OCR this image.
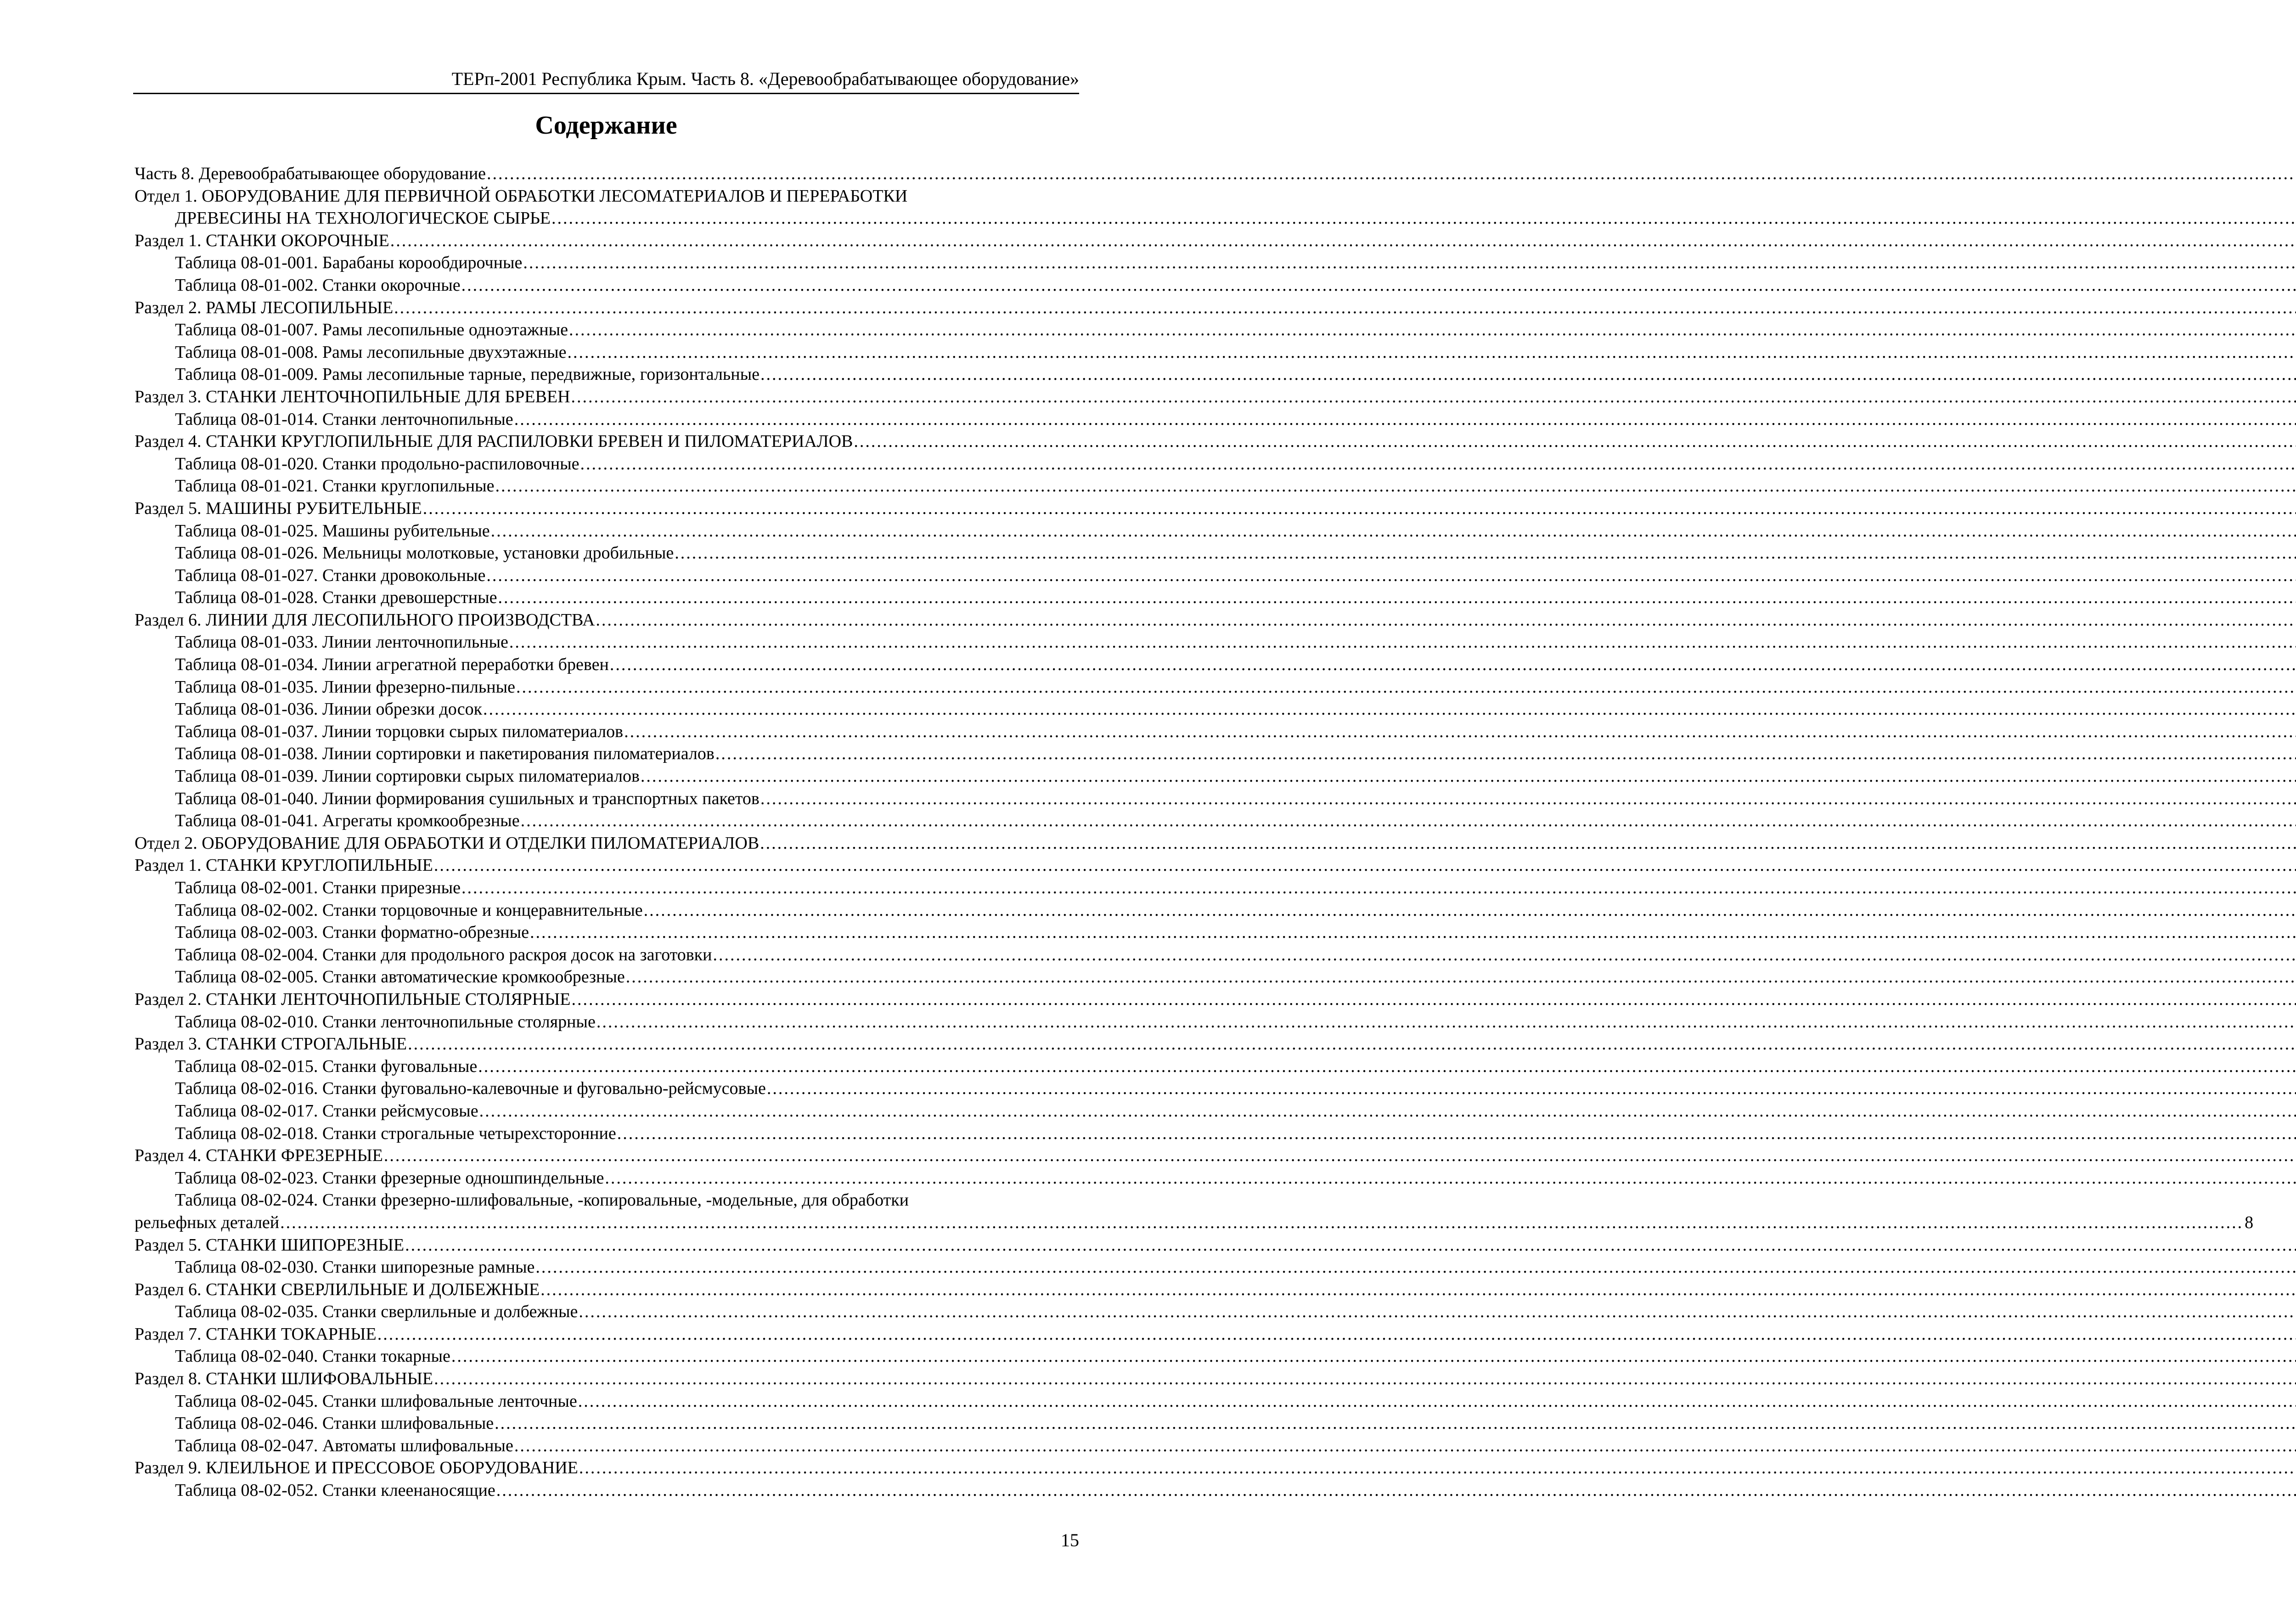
ТЕРп-2001 Республика Крым. Часть 8. «Деревообрабатывающее оборудование»
Содержание
Часть 8. Деревообрабатывающее оборудование
.....
Отдел 1. ОБОРУДОВАНИЕ ДЛЯ ПЕРВИЧНОЙ ОБРАБОТКИ ЛЕСОМАТЕРИАЛОВ И ПЕРЕРАБОТКИ
ДРЕВЕСИНЫ НА ТЕХНОЛОГИЧЕСКОЕ СЫРЬЕ
.....
Раздел 1. СТАНКИ ОКОРОЧНЫЕ
.....
Таблица 08-01-001. Барабаны корообдирочные
.....
Таблица 08-01-002. Станки окорочные
.....
Раздел 2. РАМЫ ЛЕСОПИЛЬНЫЕ
.....
Таблица 08-01-007. Рамы лесопильные одноэтажные
.....
Таблица 08-01-008. Рамы лесопильные двухэтажные
.....
Таблица 08-01-009. Рамы лесопильные тарные, передвижные, горизонтальные
.....
Раздел 3. СТАНКИ ЛЕНТОЧНОПИЛЬНЫЕ ДЛЯ БРЕВЕН
.....
Таблица 08-01-014. Станки ленточнопильные
.....
Раздел 4. СТАНКИ КРУГЛОПИЛЬНЫЕ ДЛЯ РАСПИЛОВКИ БРЕВЕН И ПИЛОМАТЕРИАЛОВ
.....
Таблица 08-01-020. Станки продольно-распиловочные
.....
Таблица 08-01-021. Станки круглопильные
.....
Раздел 5. МАШИНЫ РУБИТЕЛЬНЫЕ
.....
Таблица 08-01-025. Машины рубительные
.....
Таблица 08-01-026. Мельницы молотковые, установки дробильные
.....
Таблица 08-01-027. Станки дровокольные
.....
Таблица 08-01-028. Станки древошерстные
.....
Раздел 6. ЛИНИИ ДЛЯ ЛЕСОПИЛЬНОГО ПРОИЗВОДСТВА
.....
Таблица 08-01-033. Линии ленточнопильные
.....
Таблица 08-01-034. Линии агрегатной переработки бревен
.....
Таблица 08-01-035. Линии фрезерно-пильные
.....
Таблица 08-01-036. Линии обрезки досок
.....
Таблица 08-01-037. Линии торцовки сырых пиломатериалов
.....
Таблица 08-01-038. Линии сортировки и пакетирования пиломатериалов
.....
Таблица 08-01-039. Линии сортировки сырых пиломатериалов
.....
Таблица 08-01-040. Линии формирования сушильных и транспортных пакетов
.....
Таблица 08-01-041. Агрегаты кромкообрезные
.....
Отдел 2. ОБОРУДОВАНИЕ ДЛЯ ОБРАБОТКИ И ОТДЕЛКИ ПИЛОМАТЕРИАЛОВ
.....
Раздел 1. СТАНКИ КРУГЛОПИЛЬНЫЕ
.....
Таблица 08-02-001. Станки прирезные
.....
Таблица 08-02-002. Станки торцовочные и концеравнительные
.....
Таблица 08-02-003. Станки форматно-обрезные
.....
Таблица 08-02-004. Станки для продольного раскроя досок на заготовки
.....
Таблица 08-02-005. Станки автоматические кромкообрезные
.....
Раздел 2. СТАНКИ ЛЕНТОЧНОПИЛЬНЫЕ СТОЛЯРНЫЕ
.....
Таблица 08-02-010. Станки ленточнопильные столярные
.....
Раздел 3. СТАНКИ СТРОГАЛЬНЫЕ
.....
Таблица 08-02-015. Станки фуговальные
.....
Таблица 08-02-016. Станки фуговально-калевочные и фуговально-рейсмусовые
.....
Таблица 08-02-017. Станки рейсмусовые
.....
Таблица 08-02-018. Станки строгальные четырехсторонние
.....
Раздел 4. СТАНКИ ФРЕЗЕРНЫЕ
.....
Таблица 08-02-023. Станки фрезерные одношпиндельные
.....
Таблица 08-02-024. Станки фрезерно-шлифовальные, -копировальные, -модельные, для обработки
рельефных деталей
.....	8
Раздел 5. СТАНКИ ШИПОРЕЗНЫЕ
.....
Таблица 08-02-030. Станки шипорезные рамные
.....
Раздел 6. СТАНКИ СВЕРЛИЛЬНЫЕ И ДОЛБЕЖНЫЕ
.....
Таблица 08-02-035. Станки сверлильные и долбежные
.....
Раздел 7. СТАНКИ ТОКАРНЫЕ
.....
Таблица 08-02-040. Станки токарные
.....
Раздел 8. СТАНКИ ШЛИФОВАЛЬНЫЕ
.....
Таблица 08-02-045. Станки шлифовальные ленточные
.....
Таблица 08-02-046. Станки шлифовальные
.....
Таблица 08-02-047. Автоматы шлифовальные
.....
Раздел 9. КЛЕИЛЬНОЕ И ПРЕССОВОЕ ОБОРУДОВАНИЕ
.....
Таблица 08-02-052. Станки клеенаносящие
.....
15
